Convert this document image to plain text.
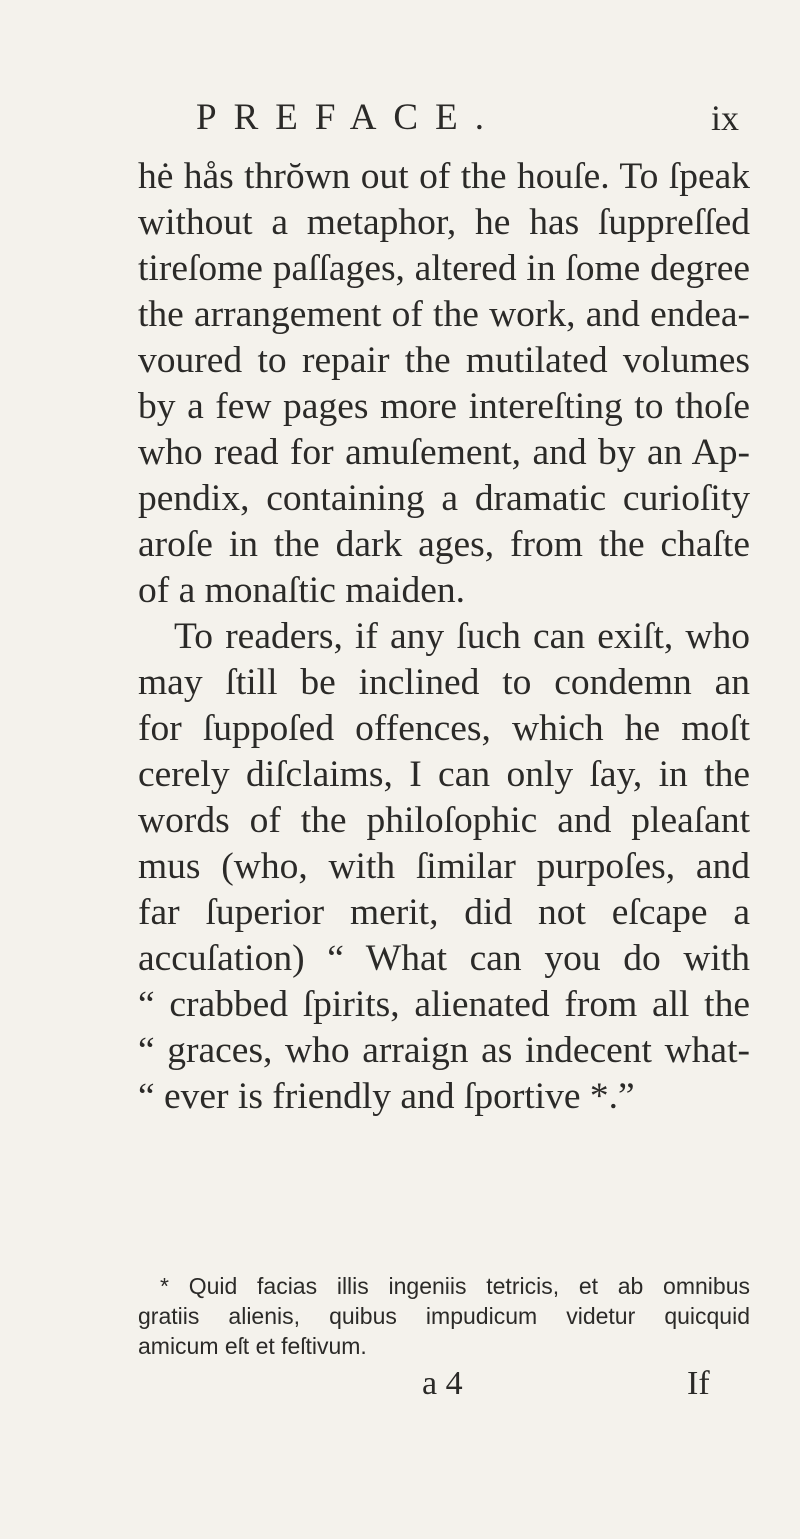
PREFACE.	ix
hė hås thrŏwn out of the houſe. To ſpeak
without a metaphor, he has ſuppreſſed
tireſome paſſages, altered in ſome degree
the arrangement of the work, and endea-
voured to repair the mutilated volumes
by a few pages more intereſting to thoſe
who read for amuſement, and by an Ap-
pendix, containing a dramatic curioſity
aroſe in the dark ages, from the chaſte
of a monaſtic maiden.
To readers, if any ſuch can exiſt, who
may ſtill be inclined to condemn an
for ſuppoſed offences, which he moſt
cerely diſclaims, I can only ſay, in the
words of the philoſophic and pleaſant
mus (who, with ſimilar purpoſes, and
far ſuperior merit, did not eſcape a
accuſation) “ What can you do with
“ crabbed ſpirits, alienated from all the
“ graces, who arraign as indecent what-
“ ever is friendly and ſportive *.”
* Quid facias illis ingeniis tetricis, et ab omnibus
gratiis alienis, quibus impudicum videtur quicquid
amicum eſt et feſtivum.
a 4	If
